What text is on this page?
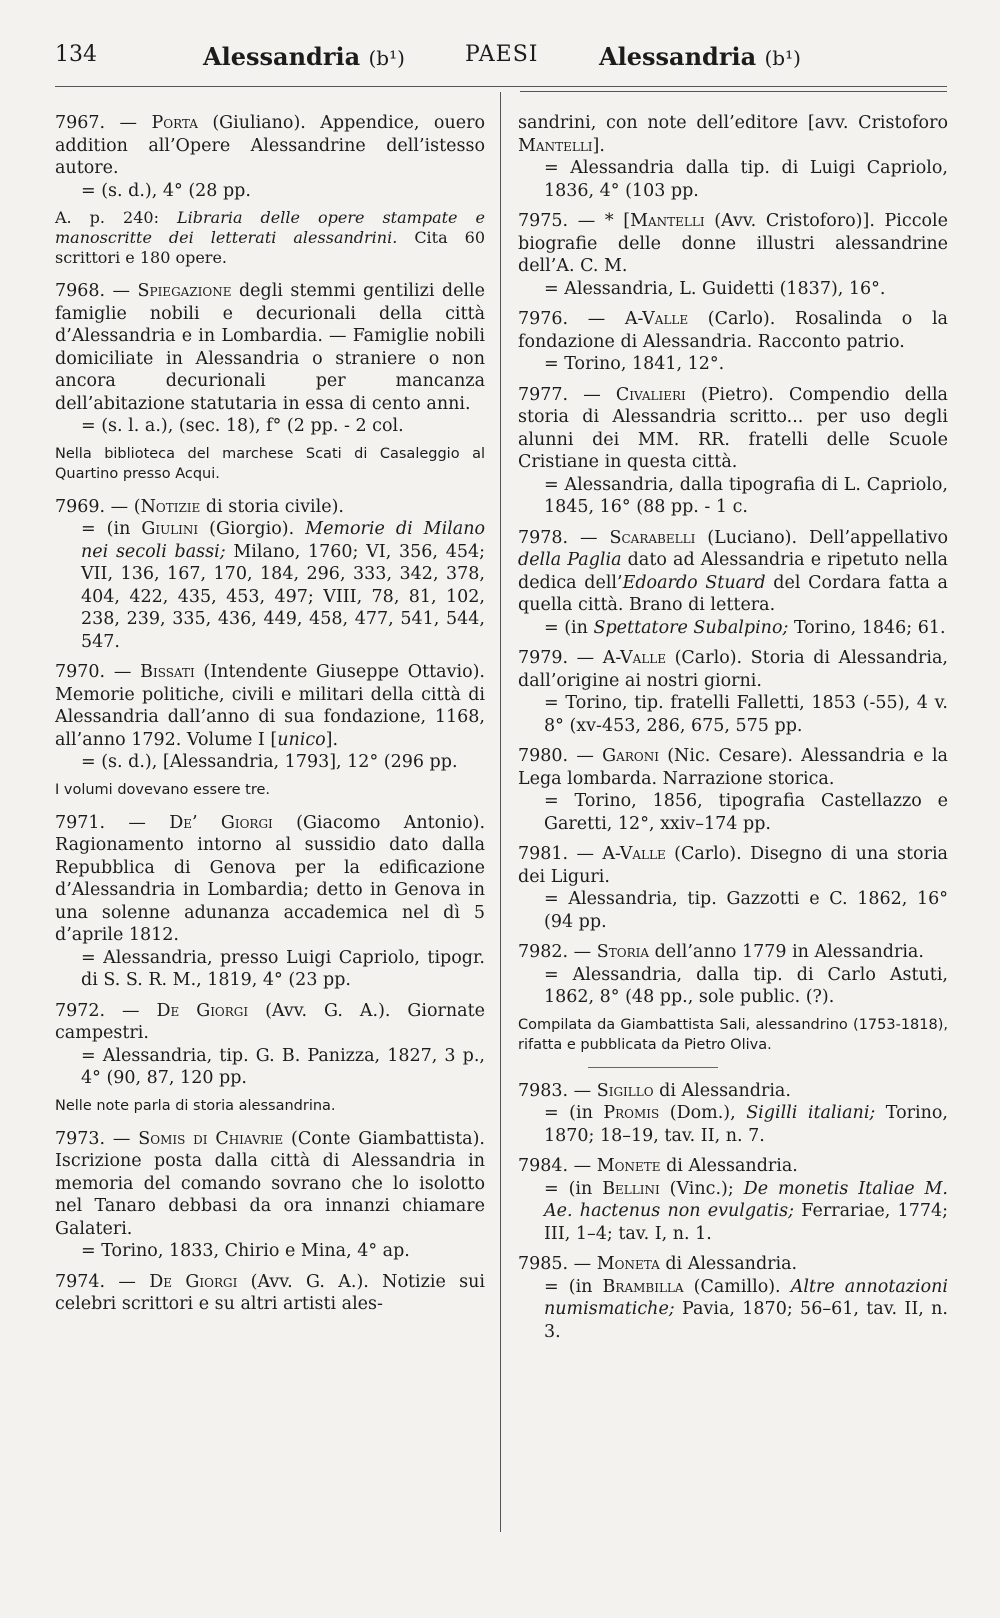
134	Alessandria (b¹)	PAESI	Alessandria (b¹)

7967. — Porta (Giuliano). Appendice, ouero addition all’Opere Alessandrine dell’istesso autore.

= (s. d.), 4° (28 pp.

A. p. 240: Libraria delle opere stampate e manoscritte dei letterati alessandrini. Cita 60 scrittori e 180 opere.

7968. — Spiegazione degli stemmi gentilizi delle famiglie nobili e decurionali della città d’Alessandria e in Lombardia. — Famiglie nobili domiciliate in Alessandria o straniere o non ancora decurionali per mancanza dell’abitazione statutaria in essa di cento anni.

= (s. l. a.), (sec. 18), f° (2 pp. - 2 col.

Nella biblioteca del marchese Scati di Casaleggio al Quartino presso Acqui.

7969. — (Notizie di storia civile).

= (in Giulini (Giorgio). Memorie di Milano nei secoli bassi; Milano, 1760; VI, 356, 454; VII, 136, 167, 170, 184, 296, 333, 342, 378, 404, 422, 435, 453, 497; VIII, 78, 81, 102, 238, 239, 335, 436, 449, 458, 477, 541, 544, 547.

7970. — Bissati (Intendente Giuseppe Ottavio). Memorie politiche, civili e militari della città di Alessandria dall’anno di sua fondazione, 1168, all’anno 1792. Volume I [unico].

= (s. d.), [Alessandria, 1793], 12° (296 pp.

I volumi dovevano essere tre.

7971. — De’ Giorgi (Giacomo Antonio). Ragionamento intorno al sussidio dato dalla Repubblica di Genova per la edificazione d’Alessandria in Lombardia; detto in Genova in una solenne adunanza accademica nel dì 5 d’aprile 1812.

= Alessandria, presso Luigi Capriolo, tipogr. di S. S. R. M., 1819, 4° (23 pp.

7972. — De Giorgi (Avv. G. A.). Giornate campestri.

= Alessandria, tip. G. B. Panizza, 1827, 3 p., 4° (90, 87, 120 pp.

Nelle note parla di storia alessandrina.

7973. — Somis di Chiavrie (Conte Giambattista). Iscrizione posta dalla città di Alessandria in memoria del comando sovrano che lo isolotto nel Tanaro debbasi da ora innanzi chiamare Galateri.

= Torino, 1833, Chirio e Mina, 4° ap.

7974. — De Giorgi (Avv. G. A.). Notizie sui celebri scrittori e su altri artisti ales-

sandrini, con note dell’editore [avv. Cristoforo Mantelli].

= Alessandria dalla tip. di Luigi Capriolo, 1836, 4° (103 pp.

7975. — * [Mantelli (Avv. Cristoforo)]. Piccole biografie delle donne illustri alessandrine dell’A. C. M.

= Alessandria, L. Guidetti (1837), 16°.

7976. — A-Valle (Carlo). Rosalinda o la fondazione di Alessandria. Racconto patrio.

= Torino, 1841, 12°.

7977. — Civalieri (Pietro). Compendio della storia di Alessandria scritto... per uso degli alunni dei MM. RR. fratelli delle Scuole Cristiane in questa città.

= Alessandria, dalla tipografia di L. Capriolo, 1845, 16° (88 pp. - 1 c.

7978. — Scarabelli (Luciano). Dell’appellativo della Paglia dato ad Alessandria e ripetuto nella dedica dell’Edoardo Stuard del Cordara fatta a quella città. Brano di lettera.

= (in Spettatore Subalpino; Torino, 1846; 61.

7979. — A-Valle (Carlo). Storia di Alessandria, dall’origine ai nostri giorni.

= Torino, tip. fratelli Falletti, 1853 (-55), 4 v. 8° (xv-453, 286, 675, 575 pp.

7980. — Garoni (Nic. Cesare). Alessandria e la Lega lombarda. Narrazione storica.

= Torino, 1856, tipografia Castellazzo e Garetti, 12°, xxiv–174 pp.

7981. — A-Valle (Carlo). Disegno di una storia dei Liguri.

= Alessandria, tip. Gazzotti e C. 1862, 16° (94 pp.

7982. — Storia dell’anno 1779 in Alessandria.

= Alessandria, dalla tip. di Carlo Astuti, 1862, 8° (48 pp., sole public. (?).

Compilata da Giambattista Sali, alessandrino (1753-1818), rifatta e pubblicata da Pietro Oliva.

7983. — Sigillo di Alessandria.

= (in Promis (Dom.), Sigilli italiani; Torino, 1870; 18–19, tav. II, n. 7.

7984. — Monete di Alessandria.

= (in Bellini (Vinc.); De monetis Italiae M. Ae. hactenus non evulgatis; Ferrariae, 1774; III, 1–4; tav. I, n. 1.

7985. — Moneta di Alessandria.

= (in Brambilla (Camillo). Altre annotazioni numismatiche; Pavia, 1870; 56–61, tav. II, n. 3.
